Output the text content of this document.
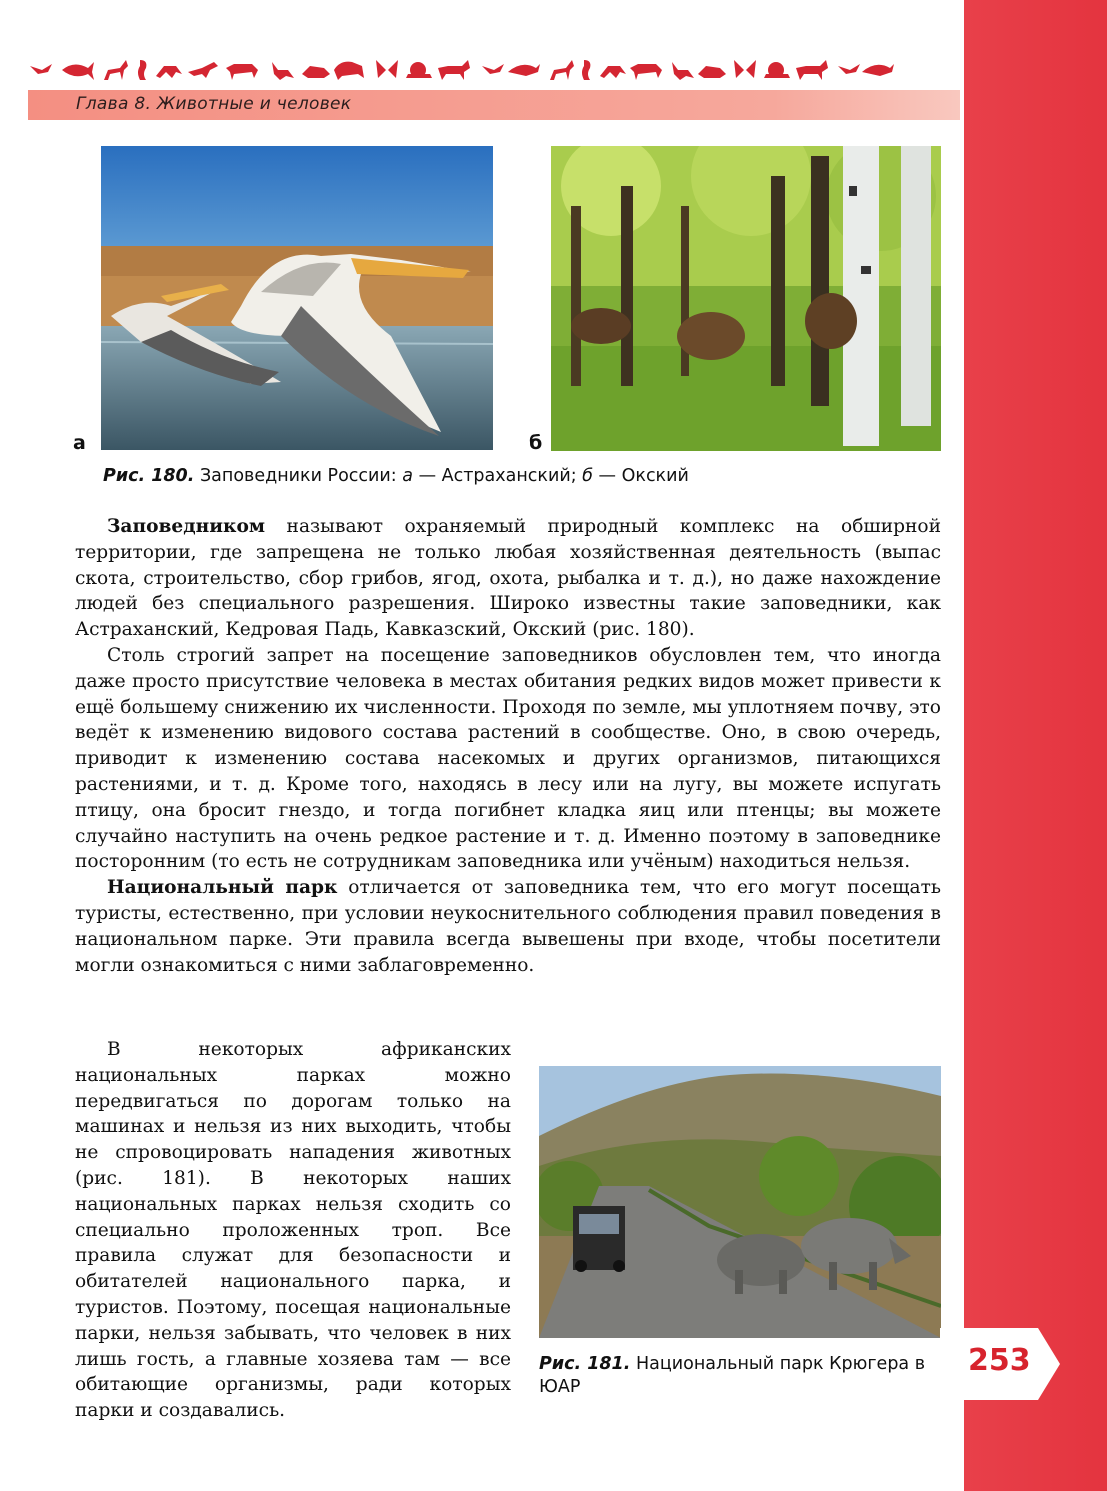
Глава 8. Животные и человек
а	б
Рис. 180. Заповедники России: а — Астраханский; б — Окский

Заповедником называют охраняемый природный комплекс на обширной территории, где запрещена не только любая хозяйственная деятельность (выпас скота, строительство, сбор грибов, ягод, охота, рыбалка и т. д.), но даже нахождение людей без специального разрешения. Широко известны такие заповедники, как Астраханский, Кедровая Падь, Кавказский, Окский (рис. 180).

Столь строгий запрет на посещение заповедников обусловлен тем, что иногда даже просто присутствие человека в местах обитания редких видов может привести к ещё большему снижению их численности. Проходя по земле, мы уплотняем почву, это ведёт к изменению видового состава растений в сообществе. Оно, в свою очередь, приводит к изменению состава насекомых и других организмов, питающихся растениями, и т. д. Кроме того, находясь в лесу или на лугу, вы можете испугать птицу, она бросит гнездо, и тогда погибнет кладка яиц или птенцы; вы можете случайно наступить на очень редкое растение и т. д. Именно поэтому в заповеднике посторонним (то есть не сотрудникам заповедника или учёным) находиться нельзя.

Национальный парк отличается от заповедника тем, что его могут посещать туристы, естественно, при условии неукоснительного соблюдения правил поведения в национальном парке. Эти правила всегда вывешены при входе, чтобы посетители могли ознакомиться с ними заблаговременно.

В некоторых африканских национальных парках можно передвигаться по дорогам только на машинах и нельзя из них выходить, чтобы не спровоцировать нападения животных (рис. 181). В некоторых наших национальных парках нельзя сходить со специально проложенных троп. Все правила служат для безопасности и обитателей национального парка, и туристов. Поэтому, посещая национальные парки, нельзя забывать, что человек в них лишь гость, а главные хозяева там — все обитающие организмы, ради которых парки и создавались.

Рис. 181. Национальный парк Крюгера в ЮАР
253
